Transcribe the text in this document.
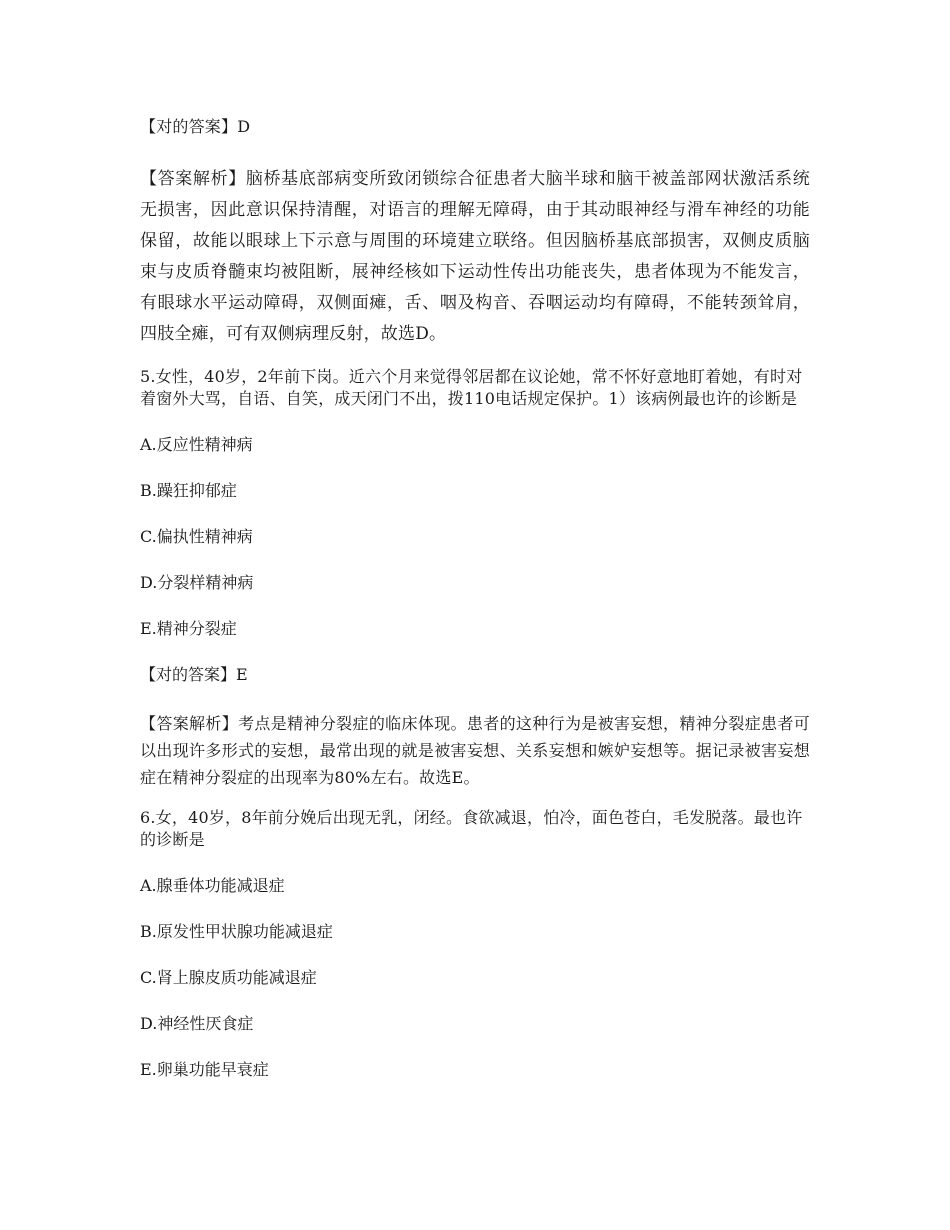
【对的答案】D

【答案解析】脑桥基底部病变所致闭锁综合征患者大脑半球和脑干被盖部网状激活系统无损害，因此意识保持清醒，对语言的理解无障碍，由于其动眼神经与滑车神经的功能保留，故能以眼球上下示意与周围的环境建立联络。但因脑桥基底部损害，双侧皮质脑束与皮质脊髓束均被阻断，展神经核如下运动性传出功能丧失，患者体现为不能发言，有眼球水平运动障碍，双侧面瘫，舌、咽及构音、吞咽运动均有障碍，不能转颈耸肩，四肢全瘫，可有双侧病理反射，故选D。

5.女性，40岁，2年前下岗。近六个月来觉得邻居都在议论她，常不怀好意地盯着她，有时对着窗外大骂，自语、自笑，成天闭门不出，拨110电话规定保护。1）该病例最也许的诊断是

A.反应性精神病

B.躁狂抑郁症

C.偏执性精神病

D.分裂样精神病

E.精神分裂症

【对的答案】E

【答案解析】考点是精神分裂症的临床体现。患者的这种行为是被害妄想，精神分裂症患者可以出现许多形式的妄想，最常出现的就是被害妄想、关系妄想和嫉妒妄想等。据记录被害妄想症在精神分裂症的出现率为80%左右。故选E。

6.女，40岁，8年前分娩后出现无乳，闭经。食欲减退，怕冷，面色苍白，毛发脱落。最也许的诊断是

A.腺垂体功能减退症

B.原发性甲状腺功能减退症

C.肾上腺皮质功能减退症

D.神经性厌食症

E.卵巢功能早衰症
